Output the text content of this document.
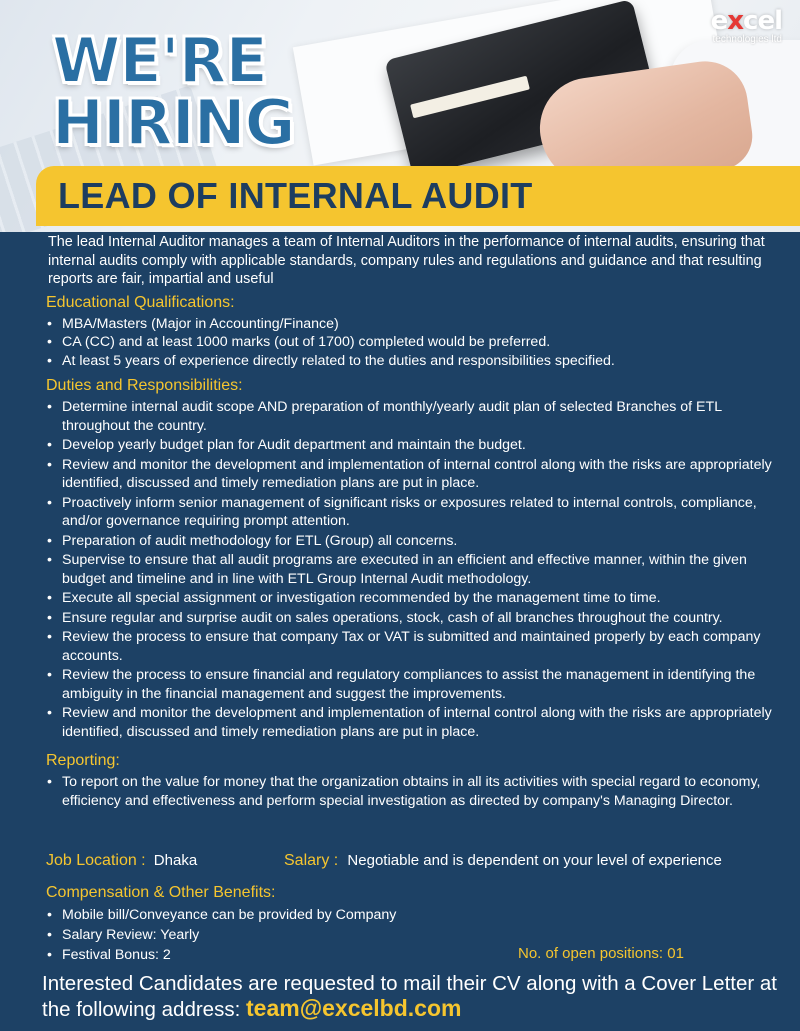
excel
technologies ltd
WE'RE
HIRING
LEAD OF INTERNAL AUDIT

The lead Internal Auditor manages a team of Internal Auditors in the performance of internal audits, ensuring that internal audits comply with applicable standards, company rules and regulations and guidance and that resulting reports are fair, impartial and useful

Educational Qualifications:
• MBA/Masters (Major in Accounting/Finance)
• CA (CC) and at least 1000 marks (out of 1700) completed would be preferred.
• At least 5 years of experience directly related to the duties and responsibilities specified.
Duties and Responsibilities:
• Determine internal audit scope AND preparation of monthly/yearly audit plan of selected Branches of ETL throughout the country.
• Develop yearly budget plan for Audit department and maintain the budget.
• Review and monitor the development and implementation of internal control along with the risks are appropriately identified, discussed and timely remediation plans are put in place.
• Proactively inform senior management of significant risks or exposures related to internal controls, compliance, and/or governance requiring prompt attention.
• Preparation of audit methodology for ETL (Group) all concerns.
• Supervise to ensure that all audit programs are executed in an efficient and effective manner, within the given budget and timeline and in line with ETL Group Internal Audit methodology.
• Execute all special assignment or investigation recommended by the management time to time.
• Ensure regular and surprise audit on sales operations, stock, cash of all branches throughout the country.
• Review the process to ensure that company Tax or VAT is submitted and maintained properly by each company accounts.
• Review the process to ensure financial and regulatory compliances to assist the management in identifying the ambiguity in the financial management and suggest the improvements.
• Review and monitor the development and implementation of internal control along with the risks are appropriately identified, discussed and timely remediation plans are put in place.
Reporting:
• To report on the value for money that the organization obtains in all its activities with special regard to economy, efficiency and effectiveness and perform special investigation as directed by company's Managing Director.
Job Location : Dhaka	Salary : Negotiable and is dependent on your level of experience
Compensation & Other Benefits:
• Mobile bill/Conveyance can be provided by Company
• Salary Review: Yearly
• Festival Bonus: 2	No. of open positions: 01
Interested Candidates are requested to mail their CV along with a Cover Letter at the following address: team@excelbd.com
